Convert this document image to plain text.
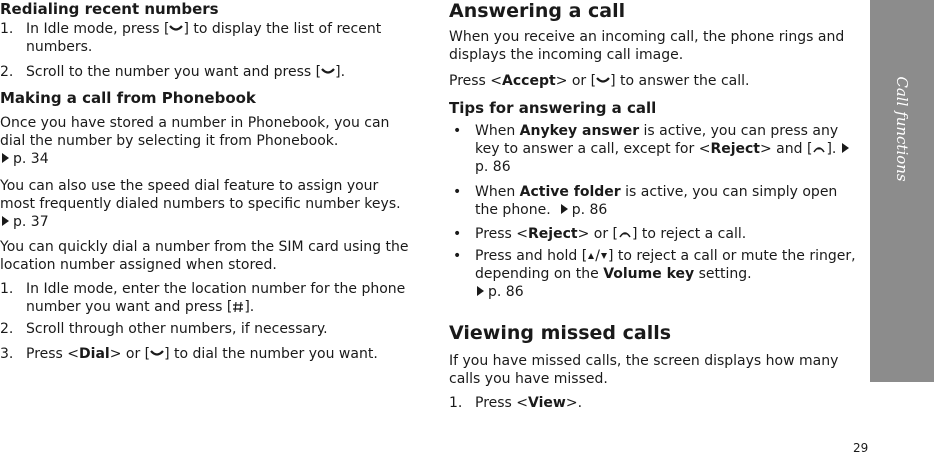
Redialing recent numbers
1. In Idle mode, press [ ] to display the list of recent numbers.
2. Scroll to the number you want and press [ ].
Making a call from Phonebook
Once you have stored a number in Phonebook, you can dial the number by selecting it from Phonebook.
p. 34
You can also use the speed dial feature to assign your most frequently dialed numbers to specific number keys. p. 37
You can quickly dial a number from the SIM card using the location number assigned when stored.
1. In Idle mode, enter the location number for the phone number you want and press [ ].
2. Scroll through other numbers, if necessary.
3. Press <Dial> or [ ] to dial the number you want.
Answering a call
When you receive an incoming call, the phone rings and displays the incoming call image.
Press <Accept> or [ ] to answer the call.
Tips for answering a call
• When Anykey answer is active, you can press any key to answer a call, except for <Reject> and [ ].p. 86
• When Active folder is active, you can simply open the phone. p. 86
• Press <Reject> or [ ] to reject a call.
• Press and hold [ / ] to reject a call or mute the ringer, depending on the Volume key setting.
p. 86
Viewing missed calls
If you have missed calls, the screen displays how many calls you have missed.
1. Press <View>.
Call functions
29
